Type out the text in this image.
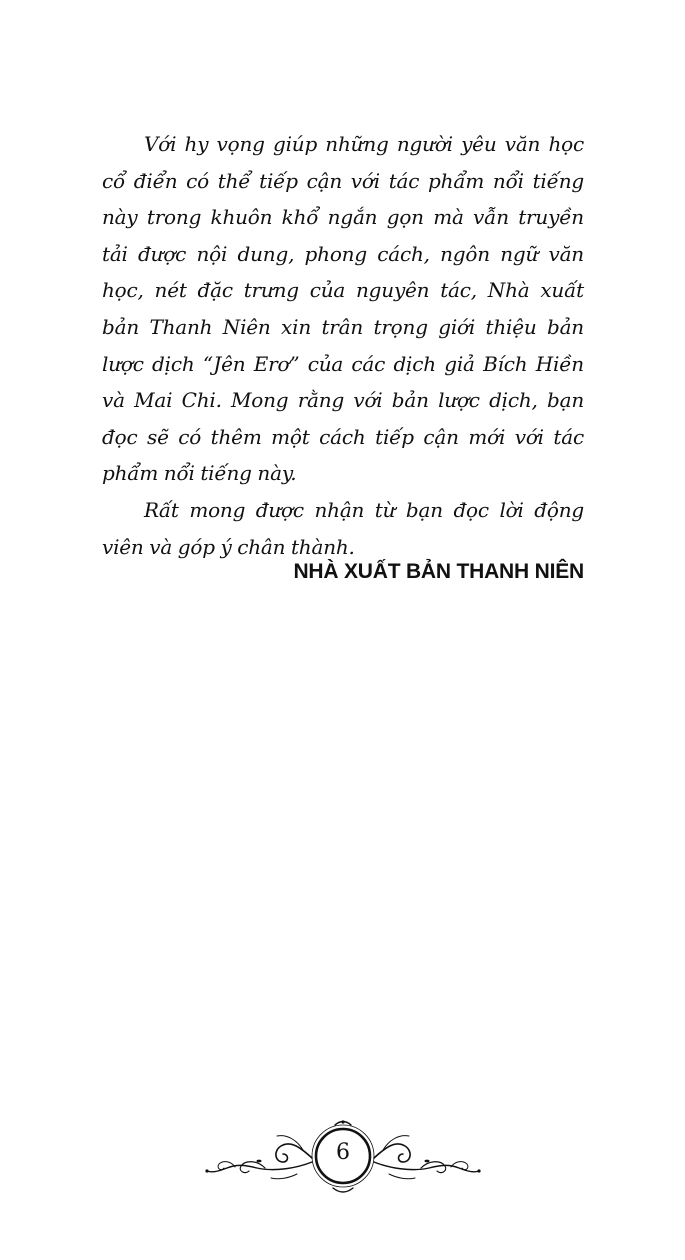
Với hy vọng giúp những người yêu văn học cổ điển có thể tiếp cận với tác phẩm nổi tiếng này trong khuôn khổ ngắn gọn mà vẫn truyền tải được nội dung, phong cách, ngôn ngữ văn học, nét đặc trưng của nguyên tác, Nhà xuất bản Thanh Niên xin trân trọng giới thiệu bản lược dịch “Jên Erơ” của các dịch giả Bích Hiền và Mai Chi. Mong rằng với bản lược dịch, bạn đọc sẽ có thêm một cách tiếp cận mới với tác phẩm nổi tiếng này.

Rất mong được nhận từ bạn đọc lời động viên và góp ý chân thành.

NHÀ XUẤT BẢN THANH NIÊN
6
